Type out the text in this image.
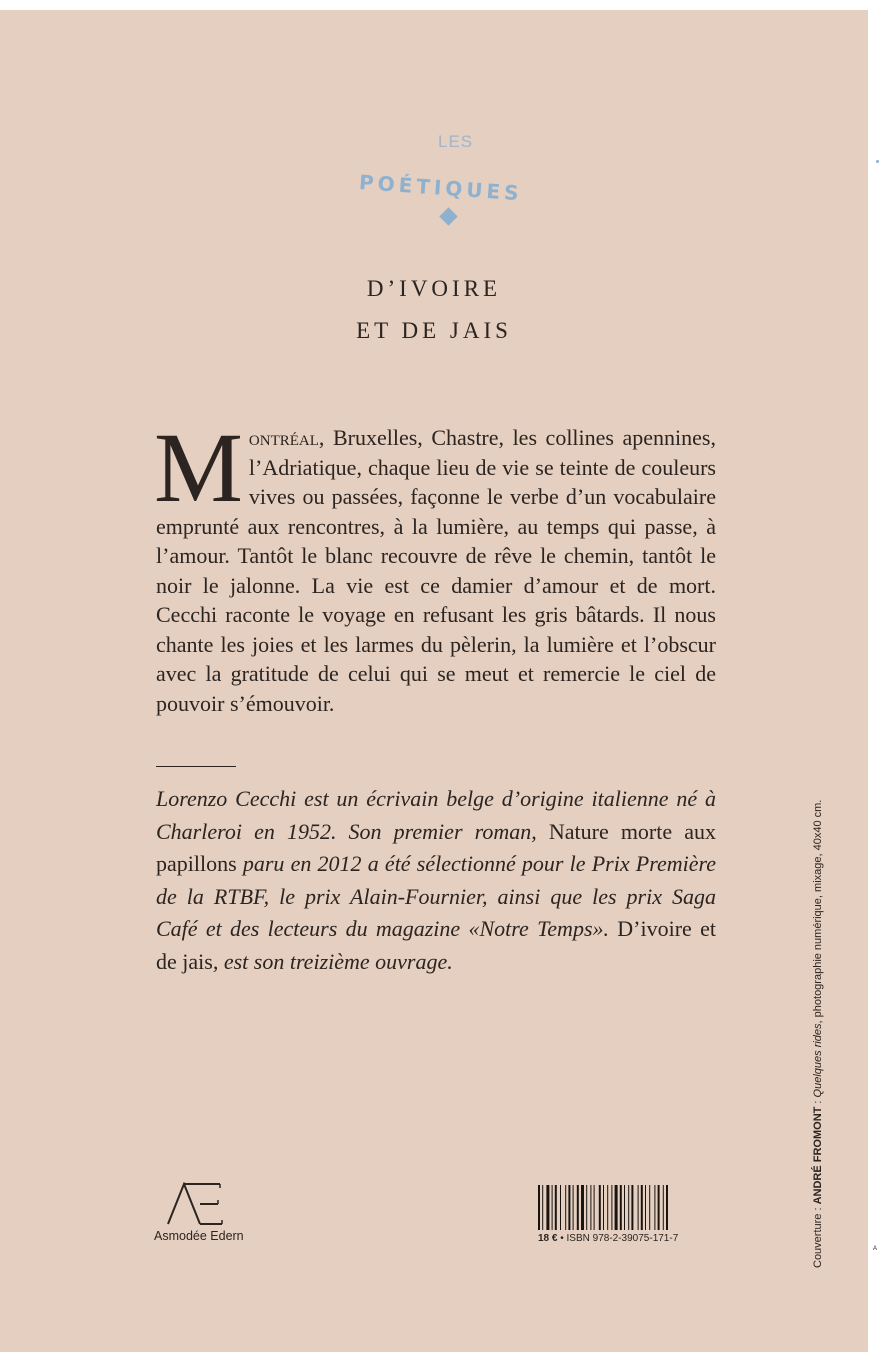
LES
POÉTIQUES
D’IVOIRE
ET DE JAIS

Montréal, Bruxelles, Chastre, les collines apennines, l’Adriatique, chaque lieu de vie se teinte de couleurs vives ou passées, façonne le verbe d’un vocabulaire emprunté aux rencontres, à la lumière, au temps qui passe, à l’amour. Tantôt le blanc recouvre de rêve le chemin, tantôt le noir le jalonne. La vie est ce damier d’amour et de mort. Cecchi raconte le voyage en refusant les gris bâtards. Il nous chante les joies et les larmes du pèlerin, la lumière et l’obscur avec la gratitude de celui qui se meut et remercie le ciel de pouvoir s’émouvoir.

Lorenzo Cecchi est un écrivain belge d’origine italienne né à Charleroi en 1952. Son premier roman, Nature morte aux papillons paru en 2012 a été sélectionné pour le Prix Première de la RTBF, le prix Alain-Fournier, ainsi que les prix Saga Café et des lecteurs du magazine «Notre Temps». D’ivoire et de jais, est son treizième ouvrage.

Asmodée Edern	18 € • ISBN 978-2-39075-171-7	Couverture : ANDRÉ FROMONT : Quelques rides, photographie numérique, mixage, 40x40 cm.
A
